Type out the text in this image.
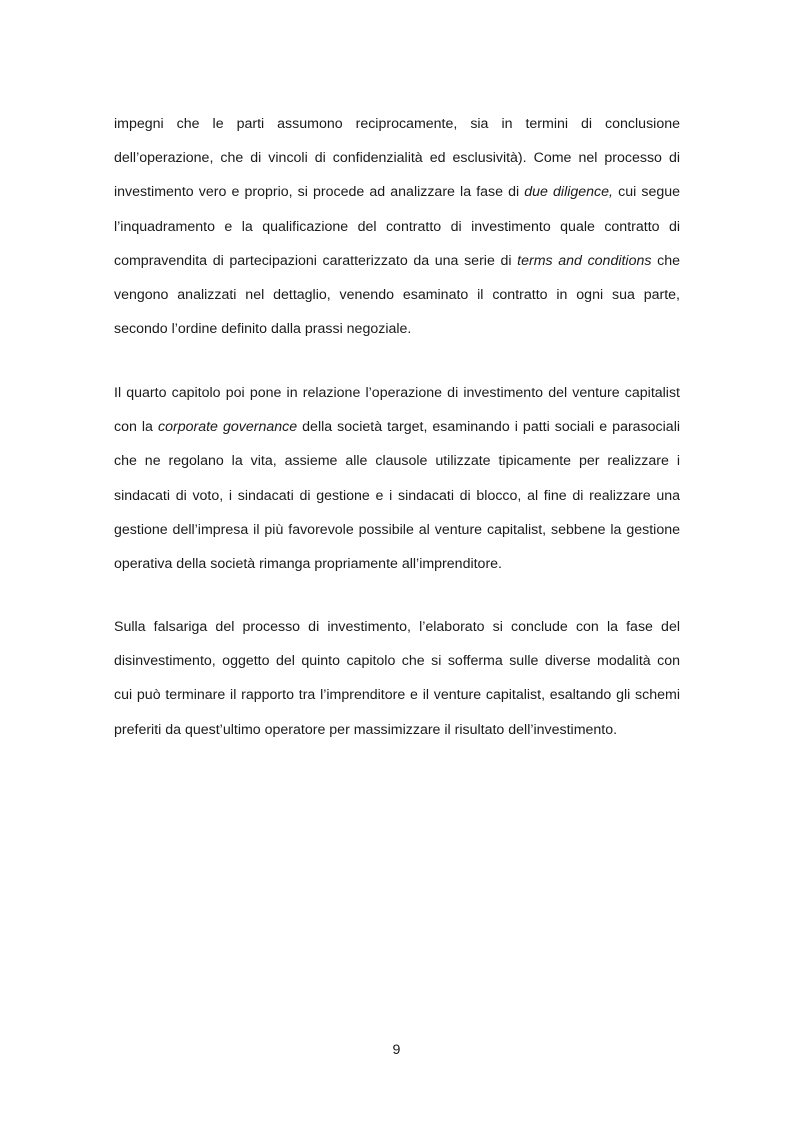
impegni che le parti assumono reciprocamente, sia in termini di conclusione
dell’operazione, che di vincoli di confidenzialità ed esclusività). Come nel processo di
investimento vero e proprio, si procede ad analizzare la fase di due diligence, cui segue
l’inquadramento e la qualificazione del contratto di investimento quale contratto di
compravendita di partecipazioni caratterizzato da una serie di terms and conditions che
vengono analizzati nel dettaglio, venendo esaminato il contratto in ogni sua parte,
secondo l’ordine definito dalla prassi negoziale.
Il quarto capitolo poi pone in relazione l’operazione di investimento del venture capitalist
con la corporate governance della società target, esaminando i patti sociali e parasociali
che ne regolano la vita, assieme alle clausole utilizzate tipicamente per realizzare i
sindacati di voto, i sindacati di gestione e i sindacati di blocco, al fine di realizzare una
gestione dell’impresa il più favorevole possibile al venture capitalist, sebbene la gestione
operativa della società rimanga propriamente all’imprenditore.
Sulla falsariga del processo di investimento, l’elaborato si conclude con la fase del
disinvestimento, oggetto del quinto capitolo che si sofferma sulle diverse modalità con
cui può terminare il rapporto tra l’imprenditore e il venture capitalist, esaltando gli schemi
preferiti da quest’ultimo operatore per massimizzare il risultato dell’investimento.
9
